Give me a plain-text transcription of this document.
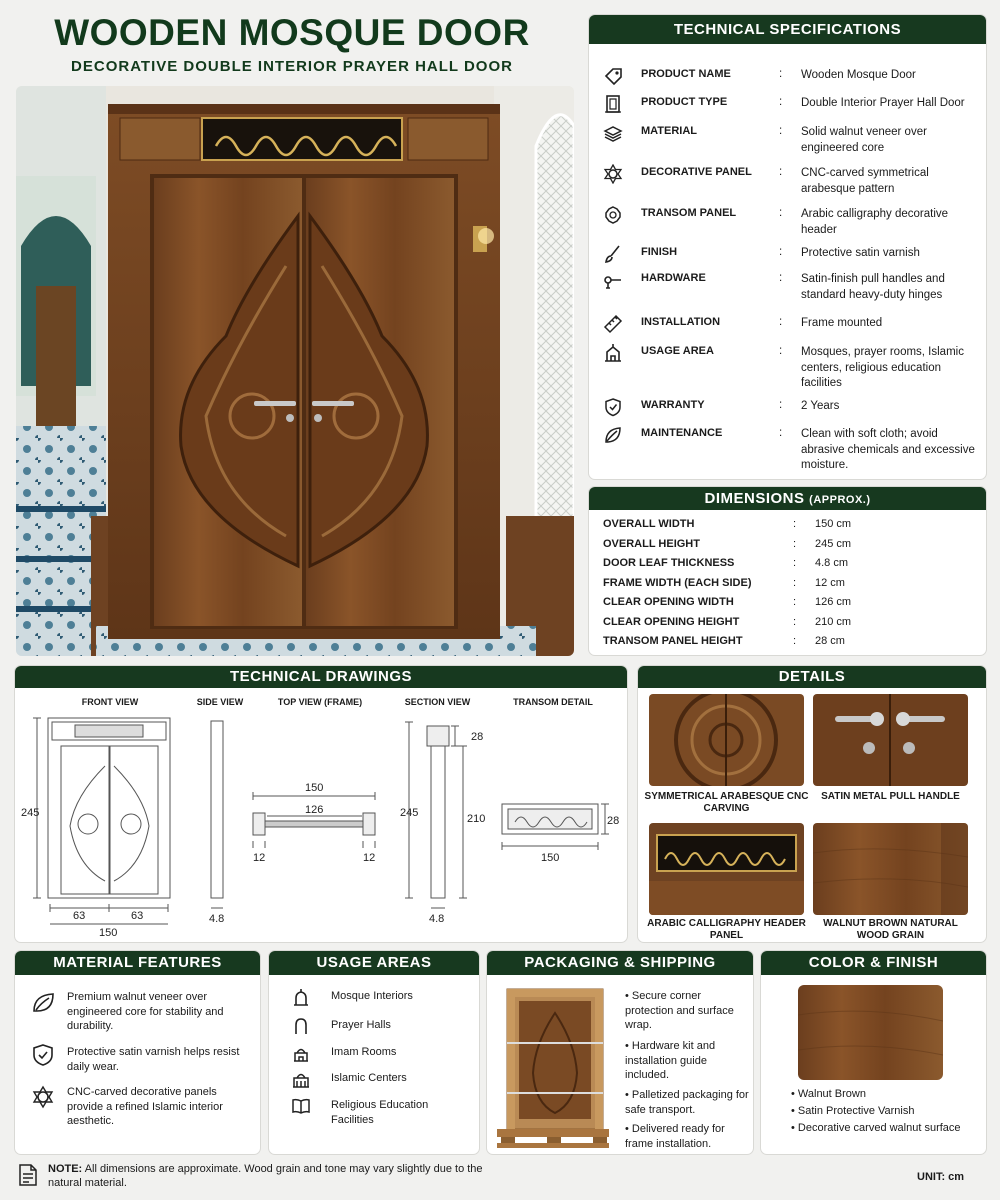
WOODEN MOSQUE DOOR
DECORATIVE DOUBLE INTERIOR PRAYER HALL DOOR
TECHNICAL SPECIFICATIONS
PRODUCT NAME	: Wooden Mosque Door
PRODUCT TYPE	: Double Interior Prayer Hall Door
MATERIAL	: Solid walnut veneer over engineered core
DECORATIVE PANEL : CNC-carved symmetrical arabesque pattern
TRANSOM PANEL	: Arabic calligraphy decorative header
FINISH	: Protective satin varnish
HARDWARE	: Satin-finish pull handles and standard heavy-duty hinges
INSTALLATION	: Frame mounted
USAGE AREA	: Mosques, prayer rooms, Islamic centers, religious education facilities
WARRANTY	: 2 Years
MAINTENANCE	: Clean with soft cloth; avoid abrasive chemicals and excessive moisture.
DIMENSIONS (APPROX.)
OVERALL WIDTH	: 150 cm
OVERALL HEIGHT	: 245 cm
DOOR LEAF THICKNESS	: 4.8 cm
FRAME WIDTH (EACH SIDE)	: 12 cm
CLEAR OPENING WIDTH	: 126 cm
CLEAR OPENING HEIGHT	: 210 cm
TRANSOM PANEL HEIGHT	: 28 cm
TECHNICAL DRAWINGS
FRONT VIEW	SIDE VIEW	TOP VIEW (FRAME)	SECTION VIEW	TRANSOM DETAIL
245
63	63
150
4.8
150
126
12	12
245	210
28
4.8
28
150
DETAILS
SYMMETRICAL ARABESQUE CNC CARVING
SATIN METAL PULL HANDLE
ARABIC CALLIGRAPHY HEADER PANEL
WALNUT BROWN NATURAL WOOD GRAIN
MATERIAL FEATURES
Premium walnut veneer over engineered core for stability and durability.
Protective satin varnish helps resist daily wear.
CNC-carved decorative panels provide a refined Islamic interior aesthetic.
USAGE AREAS
Mosque Interiors
Prayer Halls
Imam Rooms
Islamic Centers
Religious Education Facilities
PACKAGING & SHIPPING
• Secure corner protection and surface wrap.
• Hardware kit and installation guide included.
• Palletized packaging for safe transport.
• Delivered ready for frame installation.
COLOR & FINISH
• Walnut Brown
• Satin Protective Varnish
• Decorative carved walnut surface
NOTE: All dimensions are approximate. Wood grain and tone may vary slightly due to the natural material.	UNIT: cm
